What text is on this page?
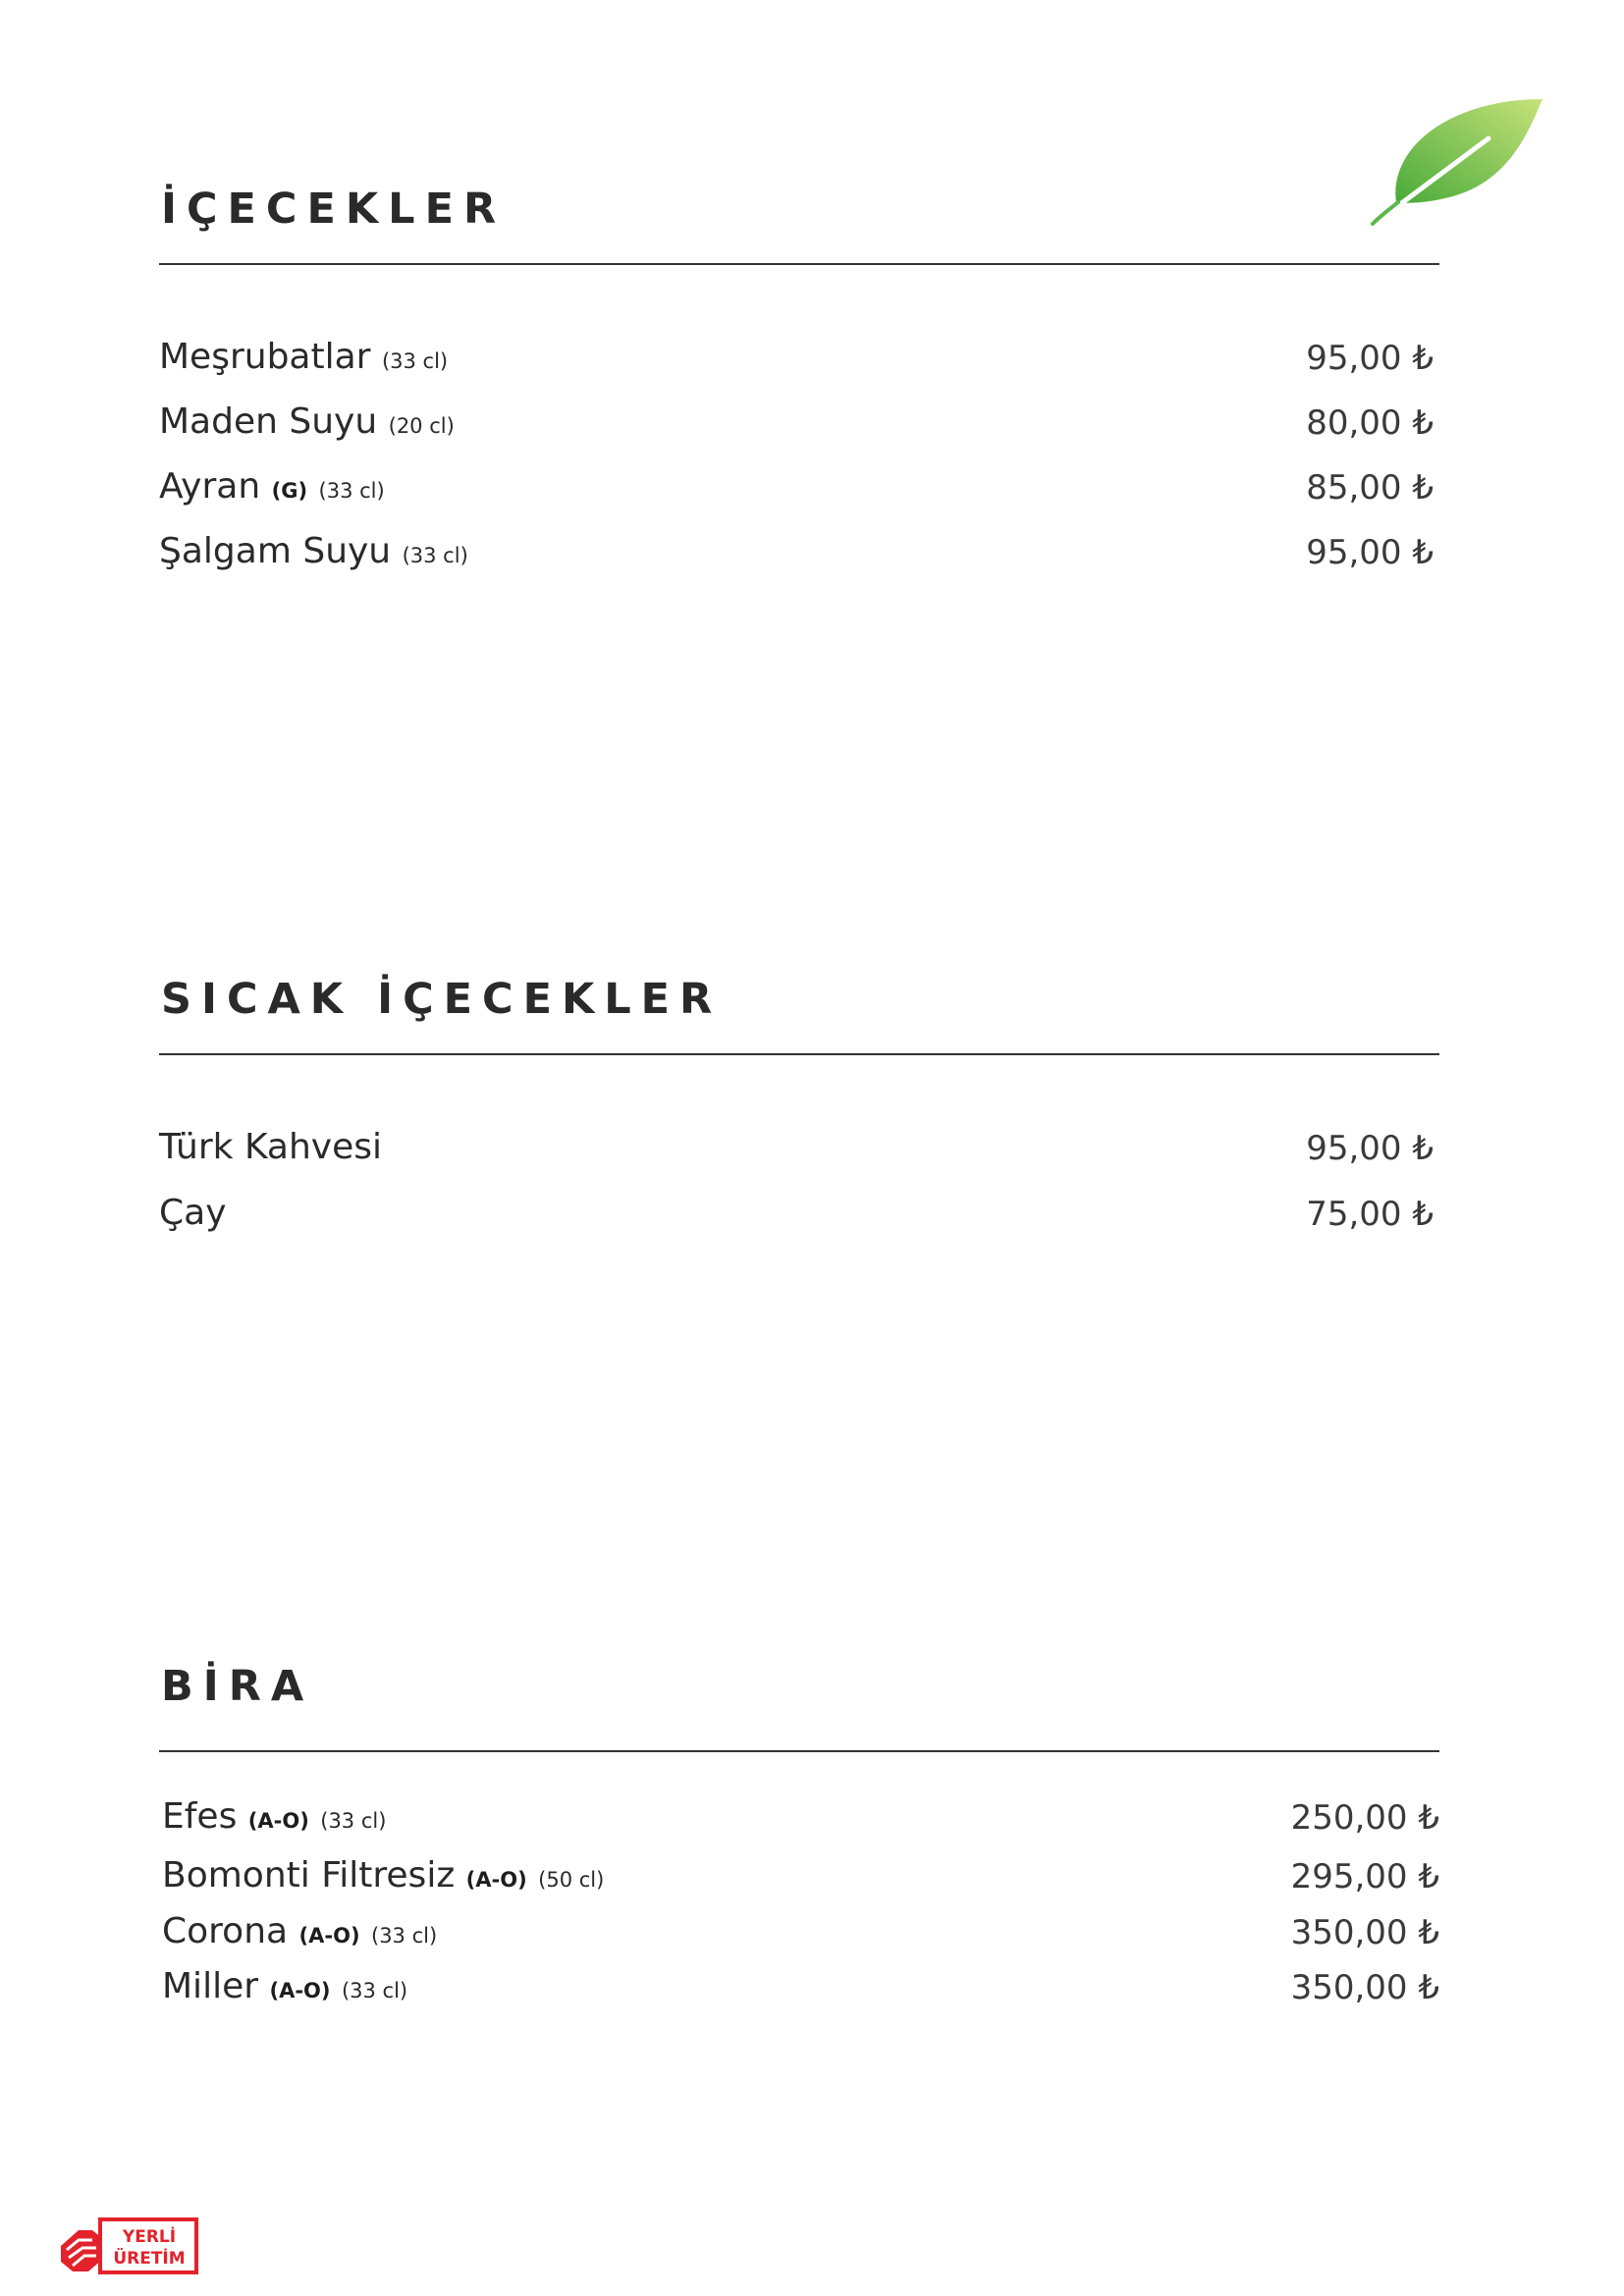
İÇECEKLER
Meşrubatlar (33 cl)	95,00 ₺
Maden Suyu (20 cl)	80,00 ₺
Ayran (G) (33 cl)	85,00 ₺
Şalgam Suyu (33 cl)	95,00 ₺
SICAK İÇECEKLER
Türk Kahvesi	95,00 ₺
Çay	75,00 ₺
BİRA
Efes (A-O) (33 cl)	250,00 ₺
Bomonti Filtresiz (A-O) (50 cl)	295,00 ₺
Corona (A-O) (33 cl)	350,00 ₺
Miller (A-O) (33 cl)	350,00 ₺
YERLİ
ÜRETİM
